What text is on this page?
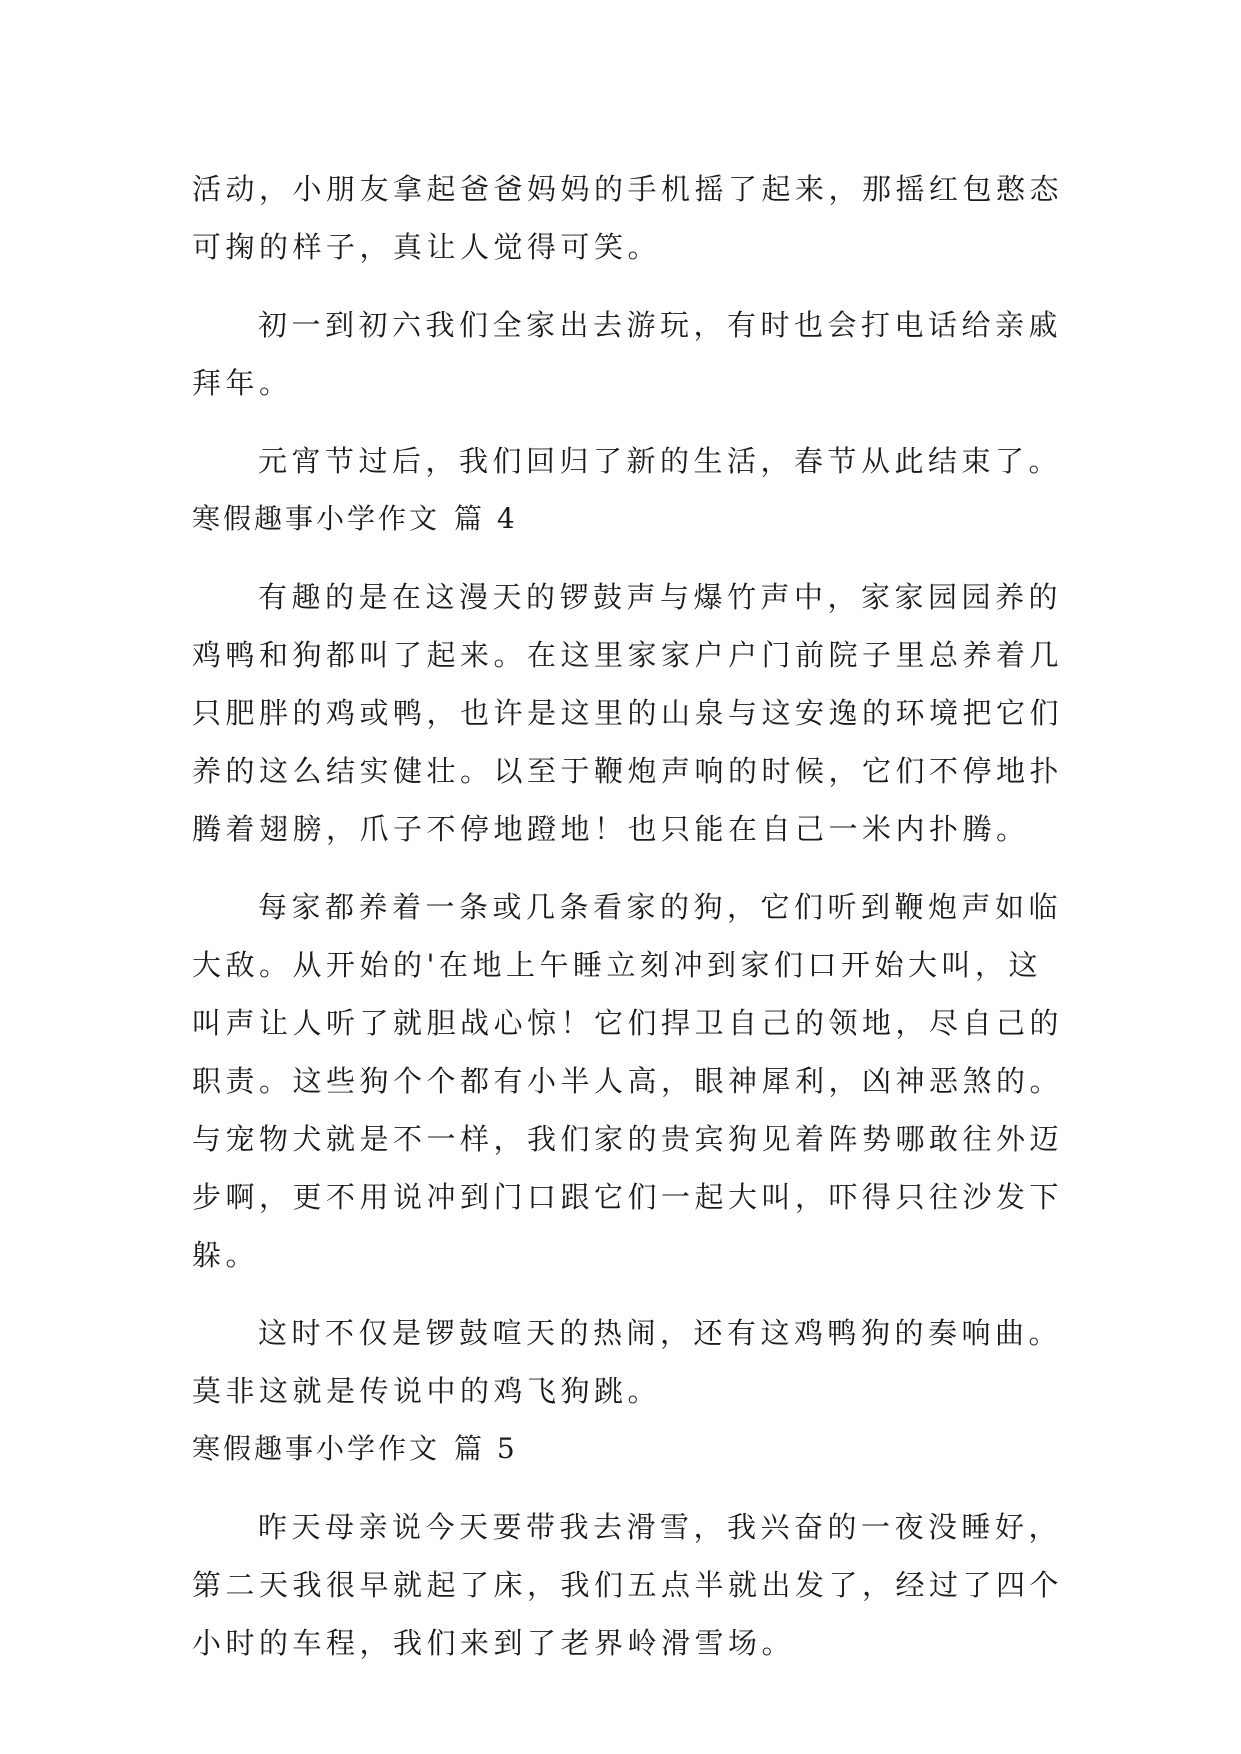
活动，小朋友拿起爸爸妈妈的手机摇了起来，那摇红包憨态
可掬的样子，真让人觉得可笑。
初一到初六我们全家出去游玩，有时也会打电话给亲戚
拜年。
元宵节过后，我们回归了新的生活，春节从此结束了。
寒假趣事小学作文 篇 4
有趣的是在这漫天的锣鼓声与爆竹声中，家家园园养的
鸡鸭和狗都叫了起来。在这里家家户户门前院子里总养着几
只肥胖的鸡或鸭，也许是这里的山泉与这安逸的环境把它们
养的这么结实健壮。以至于鞭炮声响的时候，它们不停地扑
腾着翅膀，爪子不停地蹬地！也只能在自己一米内扑腾。
每家都养着一条或几条看家的狗，它们听到鞭炮声如临
大敌。从开始的'在地上午睡立刻冲到家们口开始大叫，这
叫声让人听了就胆战心惊！它们捍卫自己的领地，尽自己的
职责。这些狗个个都有小半人高，眼神犀利，凶神恶煞的。
与宠物犬就是不一样，我们家的贵宾狗见着阵势哪敢往外迈
步啊，更不用说冲到门口跟它们一起大叫，吓得只往沙发下
躲。
这时不仅是锣鼓喧天的热闹，还有这鸡鸭狗的奏响曲。
莫非这就是传说中的鸡飞狗跳。
寒假趣事小学作文 篇 5
昨天母亲说今天要带我去滑雪，我兴奋的一夜没睡好，
第二天我很早就起了床，我们五点半就出发了，经过了四个
小时的车程，我们来到了老界岭滑雪场。
